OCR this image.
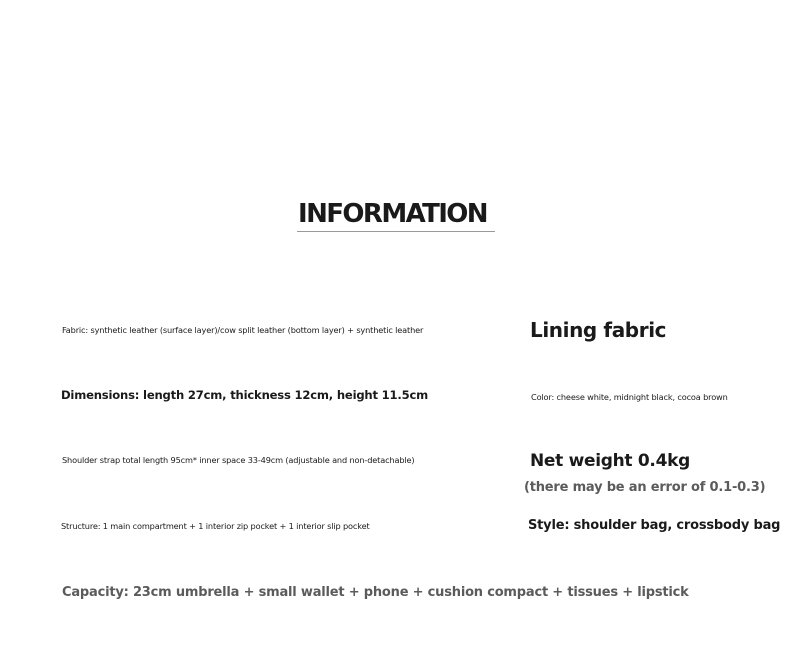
INFORMATION

Fabric: synthetic leather (surface layer)/cow split leather (bottom layer) + synthetic leather

Dimensions: length 27cm, thickness 12cm, height 11.5cm

Shoulder strap total length 95cm* inner space 33-49cm (adjustable and non-detachable)

Structure: 1 main compartment + 1 interior zip pocket + 1 interior slip pocket

Lining fabric

Color: cheese white, midnight black, cocoa brown

Net weight 0.4kg

(there may be an error of 0.1-0.3)

Style: shoulder bag, crossbody bag

Capacity: 23cm umbrella + small wallet + phone + cushion compact + tissues + lipstick
